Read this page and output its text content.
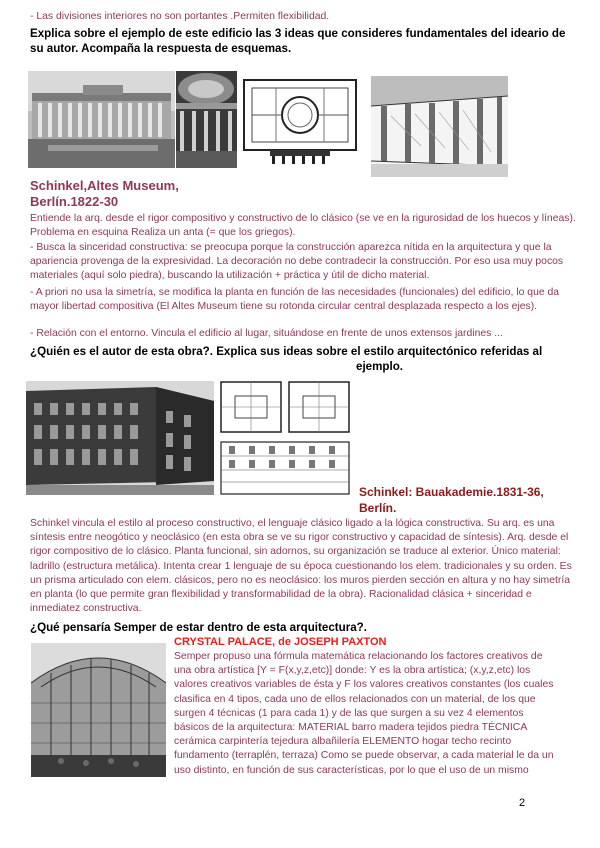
- Las divisiones interiores no son portantes .Permiten flexibilidad.
Explica sobre el ejemplo de este edificio las 3 ideas que consideres fundamentales del ideario de su autor. Acompaña la respuesta de esquemas.
Schinkel,Altes Museum,
Berlín.1822-30
Entiende la arq. desde el rigor compositivo y constructivo de lo clásico (se ve en la rigurosidad de los huecos y líneas). Problema en esquina Realiza un anta (= que los griegos).
- Busca la sinceridad constructiva: se preocupa porque la construcción aparezca nítida en la arquitectura y que la apariencia provenga de la expresividad. La decoración no debe contradecir la construcción. Por eso usa muy pocos materiales (aquí solo piedra), buscando la utilización + práctica y útil de dicho material.
- A priori no usa la simetría, se modifica la planta en función de las necesidades (funcionales) del edificio, lo que da mayor libertad compositiva (El Altes Museum tiene su rotonda circular central desplazada respecto a los ejes).
- Relación con el entorno. Vincula el edificio al lugar, situándose en frente de unos extensos jardines ...
¿Quién es el autor de esta obra?. Explica sus ideas sobre el estilo arquitectónico referidas al
ejemplo.
Schinkel: Bauakademie.1831-36,
Berlín.
Schinkel vincula el estilo al proceso constructivo, el lenguaje clásico ligado a la lógica constructiva. Su arq. es una síntesis entre neogótico y neoclásico (en esta obra se ve su rigor constructivo y capacidad de síntesis). Arq. desde el rigor compositivo de lo clásico. Planta funcional, sin adornos, su organización se traduce al exterior. Único material: ladrillo (estructura metálica). Intenta crear 1 lenguaje de su época cuestionando los elem. tradicionales y su orden. Es un prisma articulado con elem. clásicos, pero no es neoclásico: los muros pierden sección en altura y no hay simetría en planta (lo que permite gran flexibilidad y transformabilidad de la obra). Racionalidad clásica + sinceridad e inmediatez constructiva.
¿Qué pensaría Semper de estar dentro de esta arquitectura?.
CRYSTAL PALACE, de JOSEPH PAXTON
Semper propuso una fórmula matemática relacionando los factores creativos de una obra artística [Y = F(x,y,z,etc)] donde: Y es la obra artística; (x,y,z,etc) los valores creativos variables de ésta y F los valores creativos constantes (los cuales clasifica en 4 tipos, cada uno de ellos relacionados con un material, de los que surgen 4 técnicas (1 para cada 1) y de las que surgen a su vez 4 elementos básicos de la arquitectura: MATERIAL barro madera tejidos piedra TÉCNICA cerámica carpintería tejedura albañilería ELEMENTO hogar techo recinto fundamento (terraplén, terraza) Como se puede observar, a cada material le da un uso distinto, en función de sus características, por lo que el uso de un mismo
2
